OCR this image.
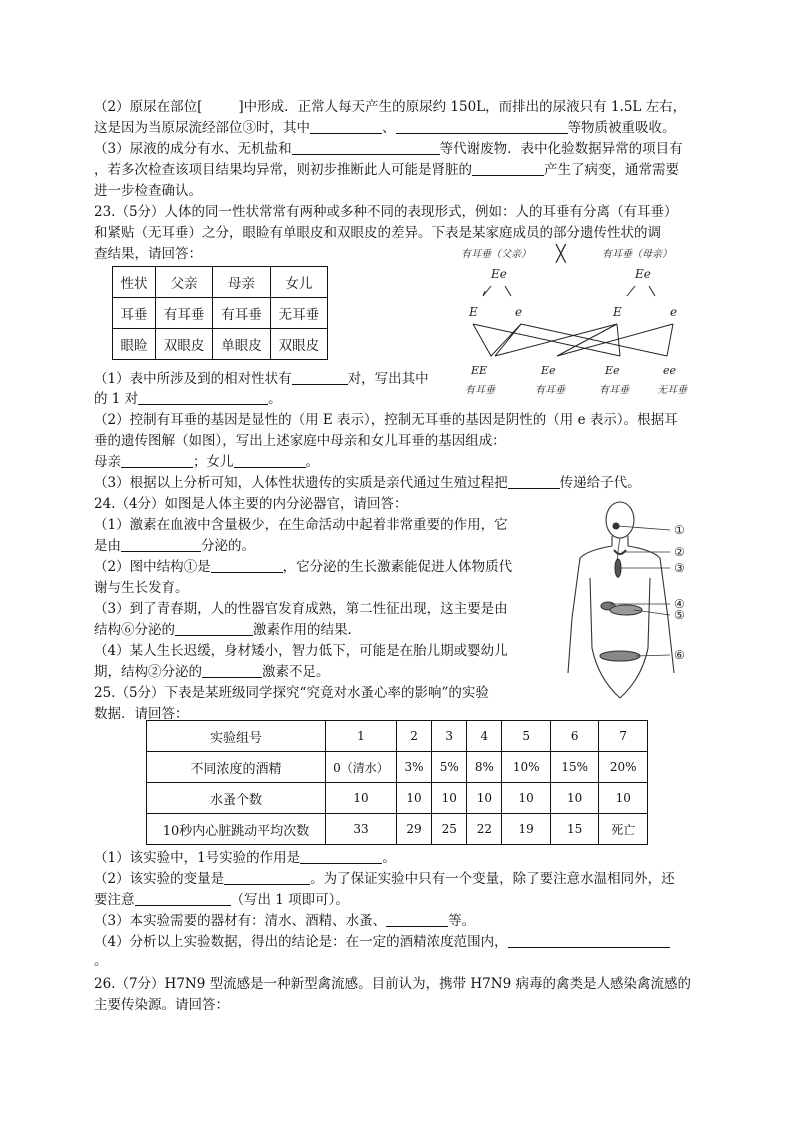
（2）原尿在部位[	]中形成．正常人每天产生的原尿约 150L，而排出的尿液只有 1.5L 左右，
这是因为当原尿流经部位③时，其中	、	等物质被重吸收。
（3）尿液的成分有水、无机盐和	等代谢废物．表中化验数据异常的项目有
，若多次检查该项目结果均异常，则初步推断此人可能是肾脏的	产生了病变，通常需要
进一步检查确认。
23.（5分）人体的同一性状常常有两种或多种不同的表现形式，例如：人的耳垂有分离（有耳垂）
和紧贴（无耳垂）之分，眼睑有单眼皮和双眼皮的差异。下表是某家庭成员的部分遗传性状的调
查结果，请回答：
性状	父亲	母亲	女儿
耳垂	有耳垂	有耳垂	无耳垂
眼睑	双眼皮	单眼皮	双眼皮
有耳垂（父亲）	有耳垂（母亲）
╳
Ee	Ee
E	e	E	e
EE	Ee	Ee	ee
有耳垂	有耳垂	有耳垂	无耳垂
（1）表中所涉及到的相对性状有	对，写出其中
的 1 对	。
（2）控制有耳垂的基因是显性的（用 E 表示），控制无耳垂的基因是阴性的（用 e 表示）。根据耳
垂的遗传图解（如图），写出上述家庭中母亲和女儿耳垂的基因组成：
母亲	；女儿	。
（3）根据以上分析可知，人体性状遗传的实质是亲代通过生殖过程把	传递给子代。
24.（4分）如图是人体主要的内分泌器官，请回答：
（1）激素在血液中含量极少，在生命活动中起着非常重要的作用，它
是由	分泌的。
（2）图中结构①是	，它分泌的生长激素能促进人体物质代
谢与生长发育。
（3）到了青春期，人的性器官发育成熟，第二性征出现，这主要是由
结构⑥分泌的	激素作用的结果．
（4）某人生长迟缓，身材矮小，智力低下，可能是在胎儿期或婴幼儿
期，结构②分泌的	激素不足。
①
②
③
④
⑤
⑥
25.（5分）下表是某班级同学探究“究竟对水蚤心率的影响”的实验
数据．请回答：
实验组号	1	2	3	4	5	6	7
不同浓度的酒精	0（清水）	3%	5%	8%	10%	15%	20%
水蚤个数	10	10	10	10	10	10	10
10秒内心脏跳动平均次数	33	29	25	22	19	15	死亡
（1）该实验中，1号实验的作用是	。
（2）该实验的变量是	。为了保证实验中只有一个变量，除了要注意水温相同外，还
要注意	（写出 1 项即可）。
（3）本实验需要的器材有：清水、酒精、水蚤、	等。
（4）分析以上实验数据，得出的结论是：在一定的酒精浓度范围内，
。
26.（7分）H7N9 型流感是一种新型禽流感。目前认为，携带 H7N9 病毒的禽类是人感染禽流感的
主要传染源。请回答：
